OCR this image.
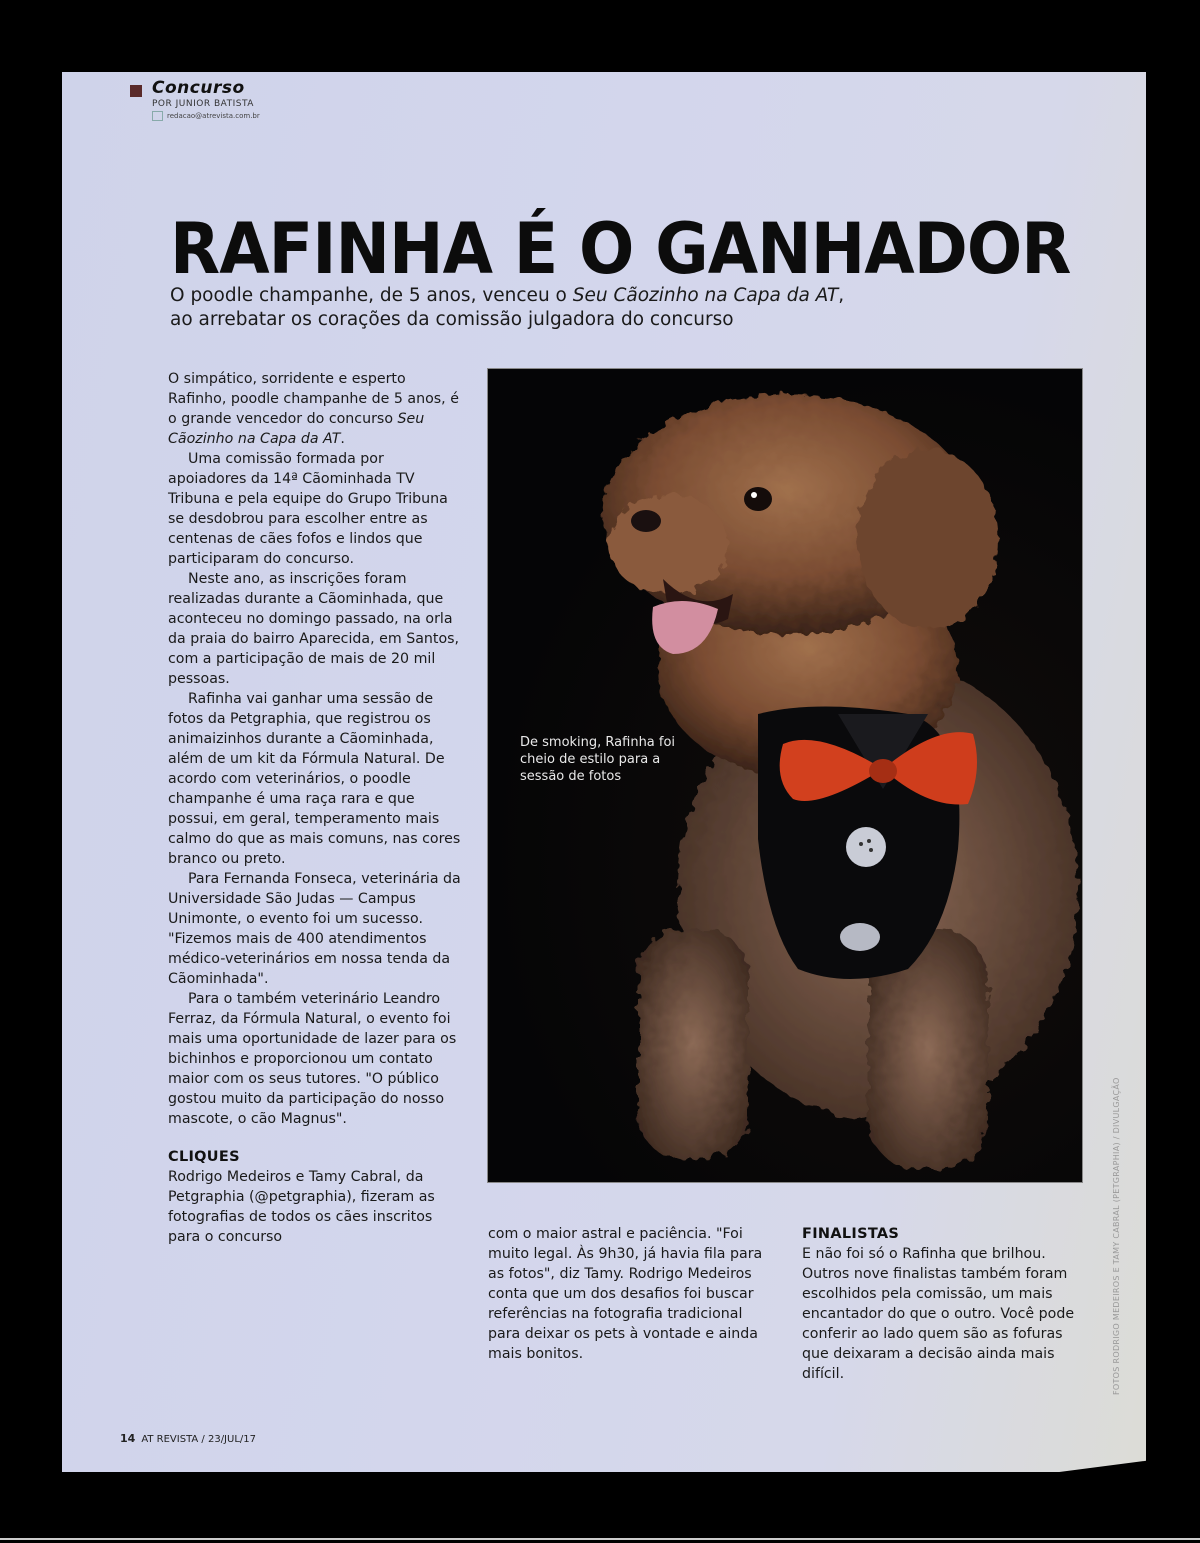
Concurso
POR JUNIOR BATISTA
redacao@atrevista.com.br
RAFINHA É O GANHADOR
O poodle champanhe, de 5 anos, venceu o Seu Cãozinho na Capa da AT,
ao arrebatar os corações da comissão julgadora do concurso

O simpático, sorridente e esperto Rafinho, poodle champanhe de 5 anos, é o grande vencedor do concurso Seu Cãozinho na Capa da AT.

Uma comissão formada por apoiadores da 14ª Cãominhada TV Tribuna e pela equipe do Grupo Tribuna se desdobrou para escolher entre as centenas de cães fofos e lindos que participaram do concurso.

Neste ano, as inscrições foram realizadas durante a Cãominhada, que aconteceu no domingo passado, na orla da praia do bairro Aparecida, em Santos, com a participação de mais de 20 mil pessoas.

Rafinha vai ganhar uma sessão de fotos da Petgraphia, que registrou os animaizinhos durante a Cãominhada, além de um kit da Fórmula Natural. De acordo com veterinários, o poodle champanhe é uma raça rara e que possui, em geral, temperamento mais calmo do que as mais comuns, nas cores branco ou preto.

Para Fernanda Fonseca, veterinária da Universidade São Judas — Campus Unimonte, o evento foi um sucesso. "Fizemos mais de 400 atendimentos médico-veterinários em nossa tenda da Cãominhada".

Para o também veterinário Leandro Ferraz, da Fórmula Natural, o evento foi mais uma oportunidade de lazer para os bichinhos e proporcionou um contato maior com os seus tutores. "O público gostou muito da participação do nosso mascote, o cão Magnus".

CLIQUES

Rodrigo Medeiros e Tamy Cabral, da Petgraphia (@petgraphia), fizeram as fotografias de todos os cães inscritos para o concurso

De smoking, Rafinha foi cheio de estilo para a sessão de fotos

com o maior astral e paciência. "Foi muito legal. Às 9h30, já havia fila para as fotos", diz Tamy. Rodrigo Medeiros conta que um dos desafios foi buscar referências na fotografia tradicional para deixar os pets à vontade e ainda mais bonitos.

FINALISTAS

E não foi só o Rafinha que brilhou. Outros nove finalistas também foram escolhidos pela comissão, um mais encantador do que o outro. Você pode conferir ao lado quem são as fofuras que deixaram a decisão ainda mais difícil.	FOTOS RODRIGO MEDEIROS E TAMY CABRAL (PETGRAPHIA) / DIVULGAÇÃO
14 AT REVISTA / 23/JUL/17
